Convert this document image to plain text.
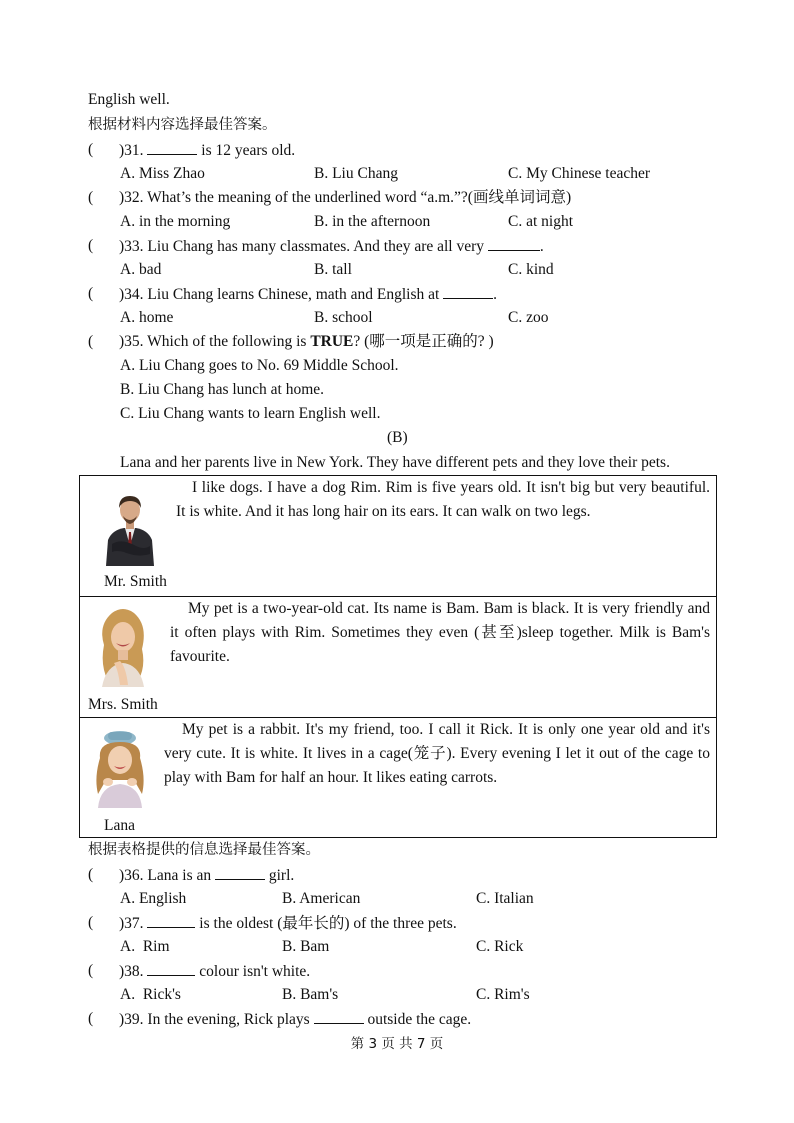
English well.
根据材料内容选择最佳答案。
( )31.	is 12 years old.
A. Miss Zhao	B. Liu Chang	C. My Chinese teacher
( )32. What’s the meaning of the underlined word “a.m.”?(画线单词词意)
A. in the morning	B. in the afternoon	C. at night
( )33. Liu Chang has many classmates. And they are all very	.
A. bad	B. tall	C. kind
( )34. Liu Chang learns Chinese, math and English at	.
A. home	B. school	C. zoo
( )35. Which of the following is TRUE? (哪一项是正确的? )
A. Liu Chang goes to No. 69 Middle School.
B. Liu Chang has lunch at home.
C. Liu Chang wants to learn English well.
(B)
Lana and her parents live in New York. They have different pets and they love their pets.
Mr. Smith
I like dogs. I have a dog Rim. Rim is five years old. It isn't big but very beautiful. It is white. And it has long hair on its ears. It can walk on two legs.
Mrs. Smith
My pet is a two-year-old cat. Its name is Bam. Bam is black. It is very friendly and it often plays with Rim. Sometimes they even (甚至)sleep together. Milk is Bam's favourite.
Lana
My pet is a rabbit. It's my friend, too. I call it Rick. It is only one year old and it's very cute. It is white. It lives in a cage(笼子). Every evening I let it out of the cage to play with Bam for half an hour. It likes eating carrots.
根据表格提供的信息选择最佳答案。
( )36. Lana is an	girl.
A. English	B. American	C. Italian
( )37.	is the oldest (最年长的) of the three pets.
A.  Rim	B. Bam	C. Rick
( )38.	colour isn't white.
A.  Rick's	B. Bam's	C. Rim's
( )39. In the evening, Rick plays	outside the cage.
第 3 页 共 7 页
